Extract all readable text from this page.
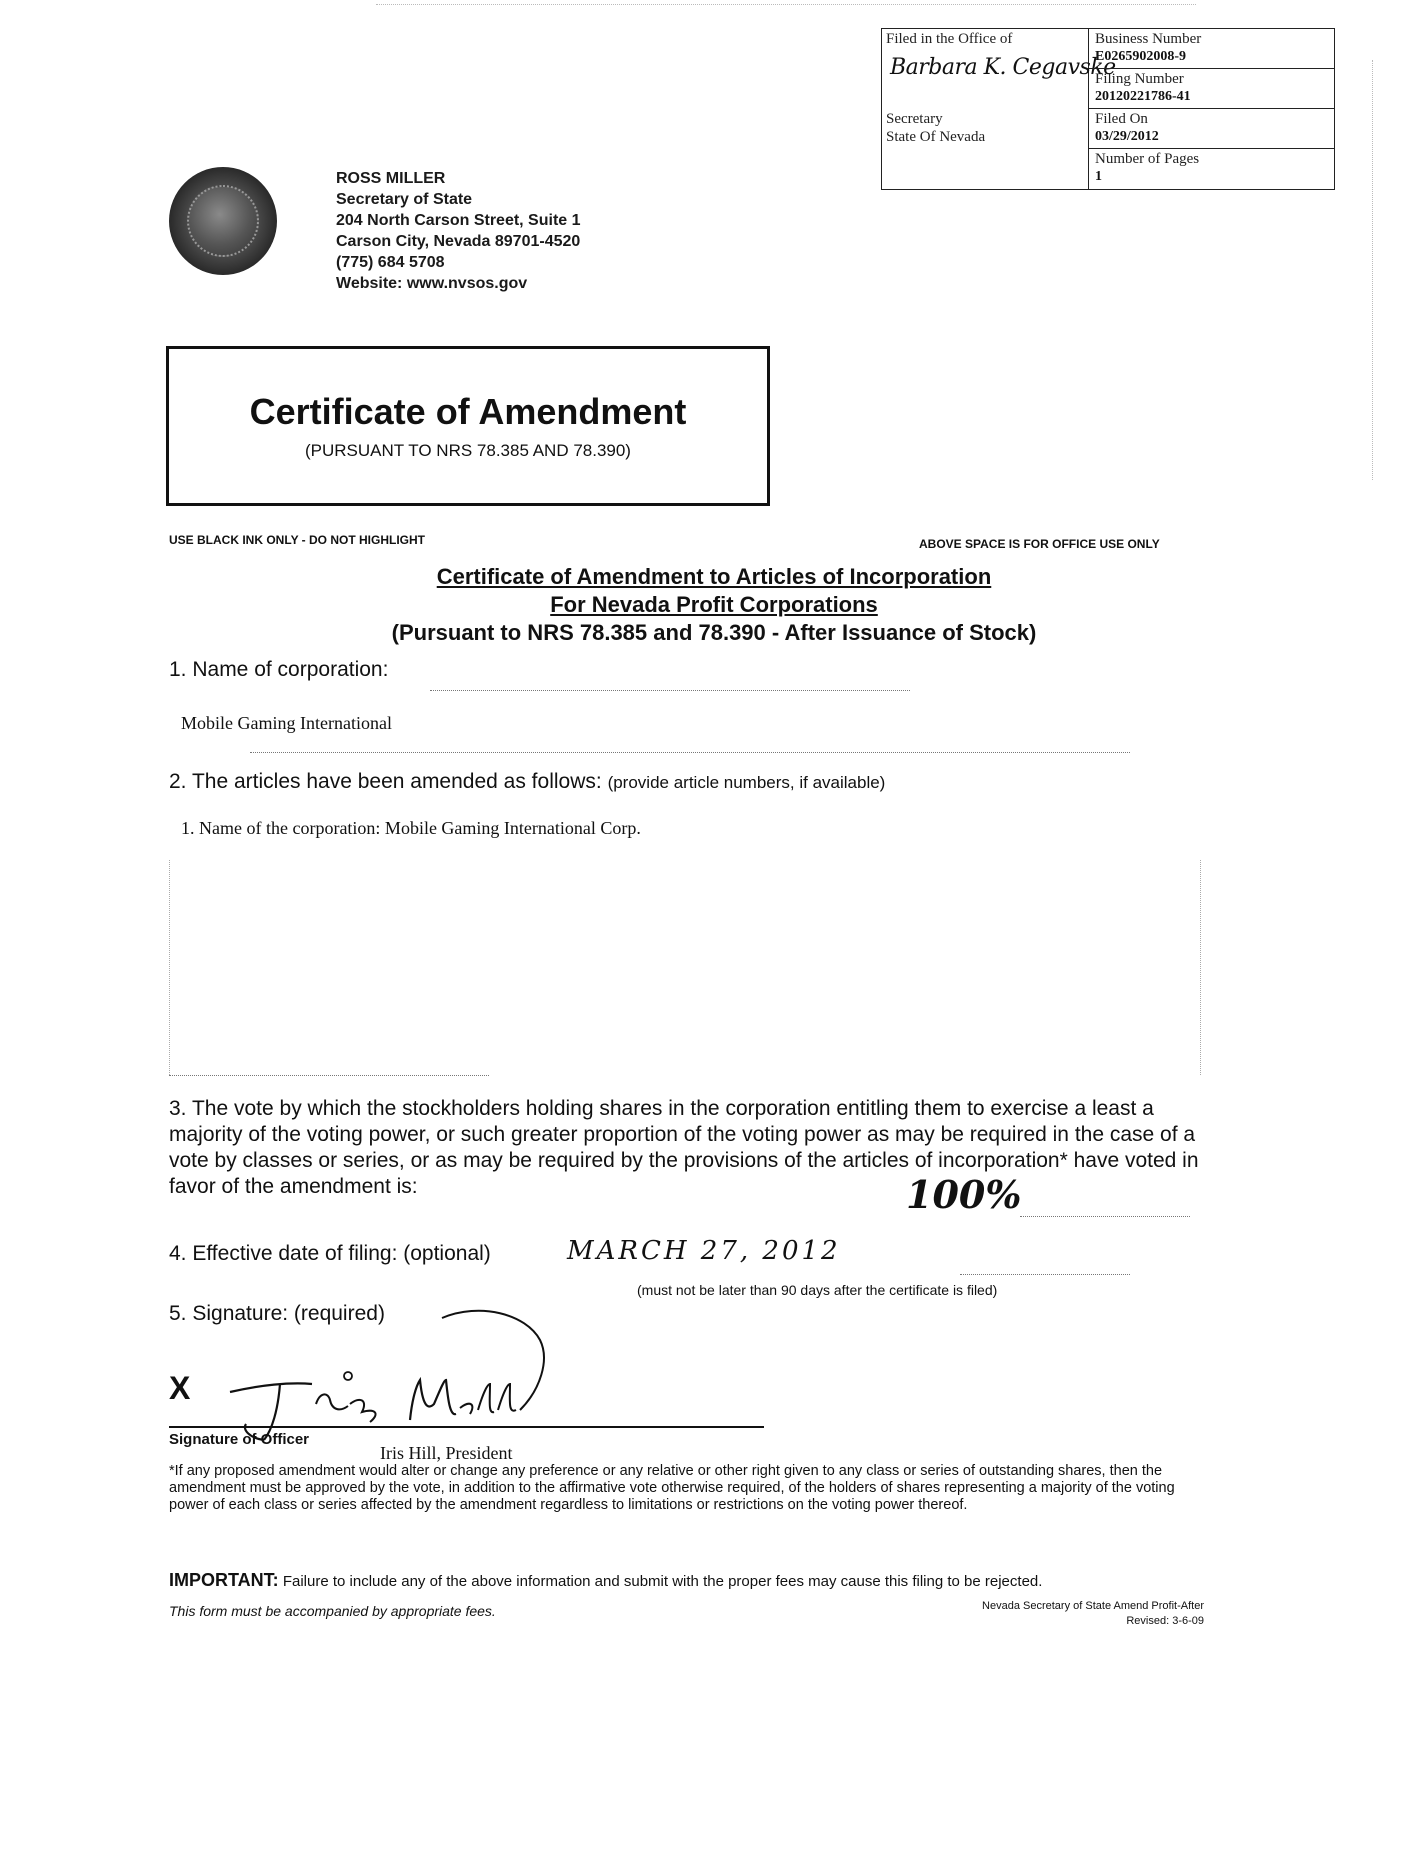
Filed in the Office of
Barbara K. Cegavske
Secretary
State Of Nevada
Business Number
E0265902008-9
Filing Number
20120221786-41
Filed On
03/29/2012
Number of Pages
1
ROSS MILLER
Secretary of State
204 North Carson Street, Suite 1
Carson City, Nevada 89701-4520
(775) 684 5708
Website: www.nvsos.gov
Certificate of Amendment
(PURSUANT TO NRS 78.385 AND 78.390)
USE BLACK INK ONLY - DO NOT HIGHLIGHT	ABOVE SPACE IS FOR OFFICE USE ONLY
Certificate of Amendment to Articles of Incorporation
For Nevada Profit Corporations
(Pursuant to NRS 78.385 and 78.390 - After Issuance of Stock)
1. Name of corporation:
Mobile Gaming International
2. The articles have been amended as follows: (provide article numbers, if available)
1. Name of the corporation: Mobile Gaming International Corp.
3. The vote by which the stockholders holding shares in the corporation entitling them to exercise a least a majority of the voting power, or such greater proportion of the voting power as may be required in the case of a vote by classes or series, or as may be required by the provisions of the articles of incorporation* have voted in favor of the amendment is:	100%
4. Effective date of filing: (optional)	MARCH 27, 2012
(must not be later than 90 days after the certificate is filed)
5. Signature: (required)
X
Signature of Officer
Iris Hill, President
*If any proposed amendment would alter or change any preference or any relative or other right given to any class or series of outstanding shares, then the amendment must be approved by the vote, in addition to the affirmative vote otherwise required, of the holders of shares representing a majority of the voting power of each class or series affected by the amendment regardless to limitations or restrictions on the voting power thereof.
IMPORTANT: Failure to include any of the above information and submit with the proper fees may cause this filing to be rejected.
This form must be accompanied by appropriate fees.	Nevada Secretary of State Amend Profit-After
Revised: 3-6-09
